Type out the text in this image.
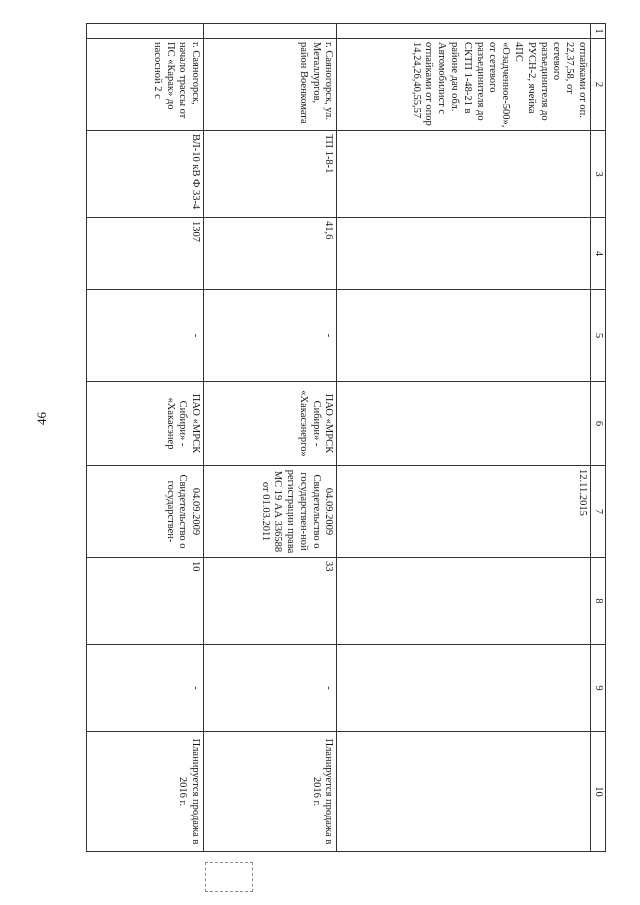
46
1	2	3	4	5	6	7	8	9	10
	отпайками от оп. 22,37,58, от сетевого разъединителя до РУСН-2, ячейка 4ПС «Озадченное-500», от сетевого разъединителя до СКТП 1-48-21 в районе дач обл. Автомобилист с отпайками от опор 14,24,26,40,55,57					12.11.2015			
	г. Саяногорск, ул. Металлургов, район Военкомата	ТП 1-8-1	41,6	-	ПАО «МРСК Сибири» - «Хакасэнерго»	04.09.2009 Свидетельство о государствен-ной регистрации права МС 19 АА 336588 от 01.03.2011	33	-	Планируется продажа в 2016 г.
	г. Саяногорск, начало трассы от ПС «Карак» до насосной 2 с	ВЛ-10 кВ Ф 33-4	1307	-	ПАО «МРСК Сибири» - «Хакасэнер	04.09.2009 Свидетельство о государствен-	10	-	Планируется продажа в 2016 г.
